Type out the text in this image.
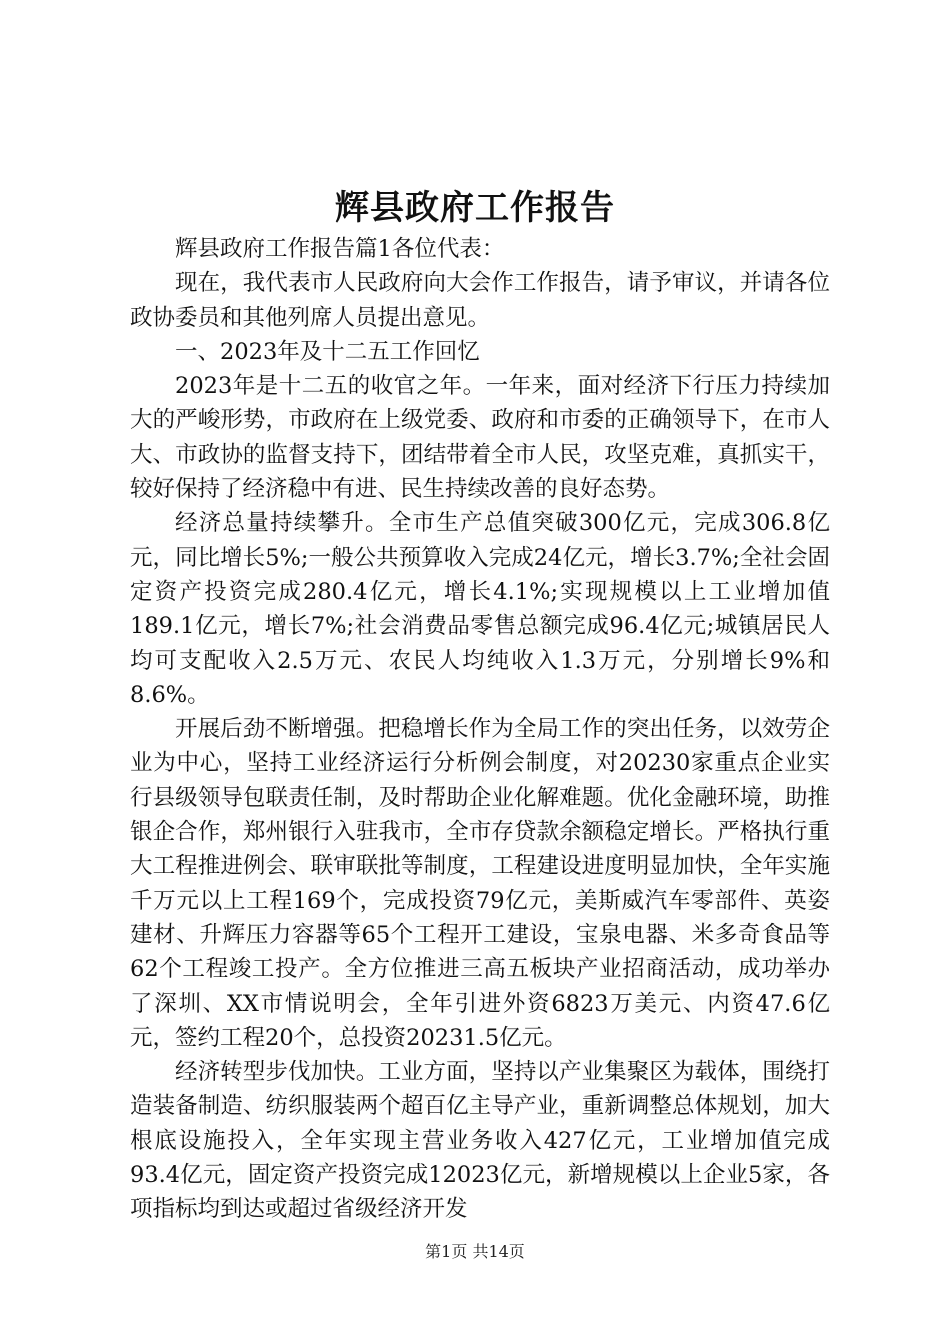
辉县政府工作报告

辉县政府工作报告篇1各位代表：

现在，我代表市人民政府向大会作工作报告，请予审议，并请各位政协委员和其他列席人员提出意见。

一、2023年及十二五工作回忆

2023年是十二五的收官之年。一年来，面对经济下行压力持续加大的严峻形势，市政府在上级党委、政府和市委的正确领导下，在市人大、市政协的监督支持下，团结带着全市人民，攻坚克难，真抓实干，较好保持了经济稳中有进、民生持续改善的良好态势。

经济总量持续攀升。全市生产总值突破300亿元，完成306.8亿元，同比增长5%;一般公共预算收入完成24亿元，增长3.7%;全社会固定资产投资完成280.4亿元，增长4.1%;实现规模以上工业增加值189.1亿元，增长7%;社会消费品零售总额完成96.4亿元;城镇居民人均可支配收入2.5万元、农民人均纯收入1.3万元，分别增长9%和8.6%。

开展后劲不断增强。把稳增长作为全局工作的突出任务，以效劳企业为中心，坚持工业经济运行分析例会制度，对20230家重点企业实行县级领导包联责任制，及时帮助企业化解难题。优化金融环境，助推银企合作，郑州银行入驻我市，全市存贷款余额稳定增长。严格执行重大工程推进例会、联审联批等制度，工程建设进度明显加快，全年实施千万元以上工程169个，完成投资79亿元，美斯威汽车零部件、英姿建材、升辉压力容器等65个工程开工建设，宝泉电器、米多奇食品等62个工程竣工投产。全方位推进三高五板块产业招商活动，成功举办了深圳、XX市情说明会，全年引进外资6823万美元、内资47.6亿元，签约工程20个，总投资20231.5亿元。

经济转型步伐加快。工业方面，坚持以产业集聚区为载体，围绕打造装备制造、纺织服装两个超百亿主导产业，重新调整总体规划，加大根底设施投入，全年实现主营业务收入427亿元，工业增加值完成93.4亿元，固定资产投资完成12023亿元，新增规模以上企业5家，各项指标均到达或超过省级经济开发

第1页 共14页
